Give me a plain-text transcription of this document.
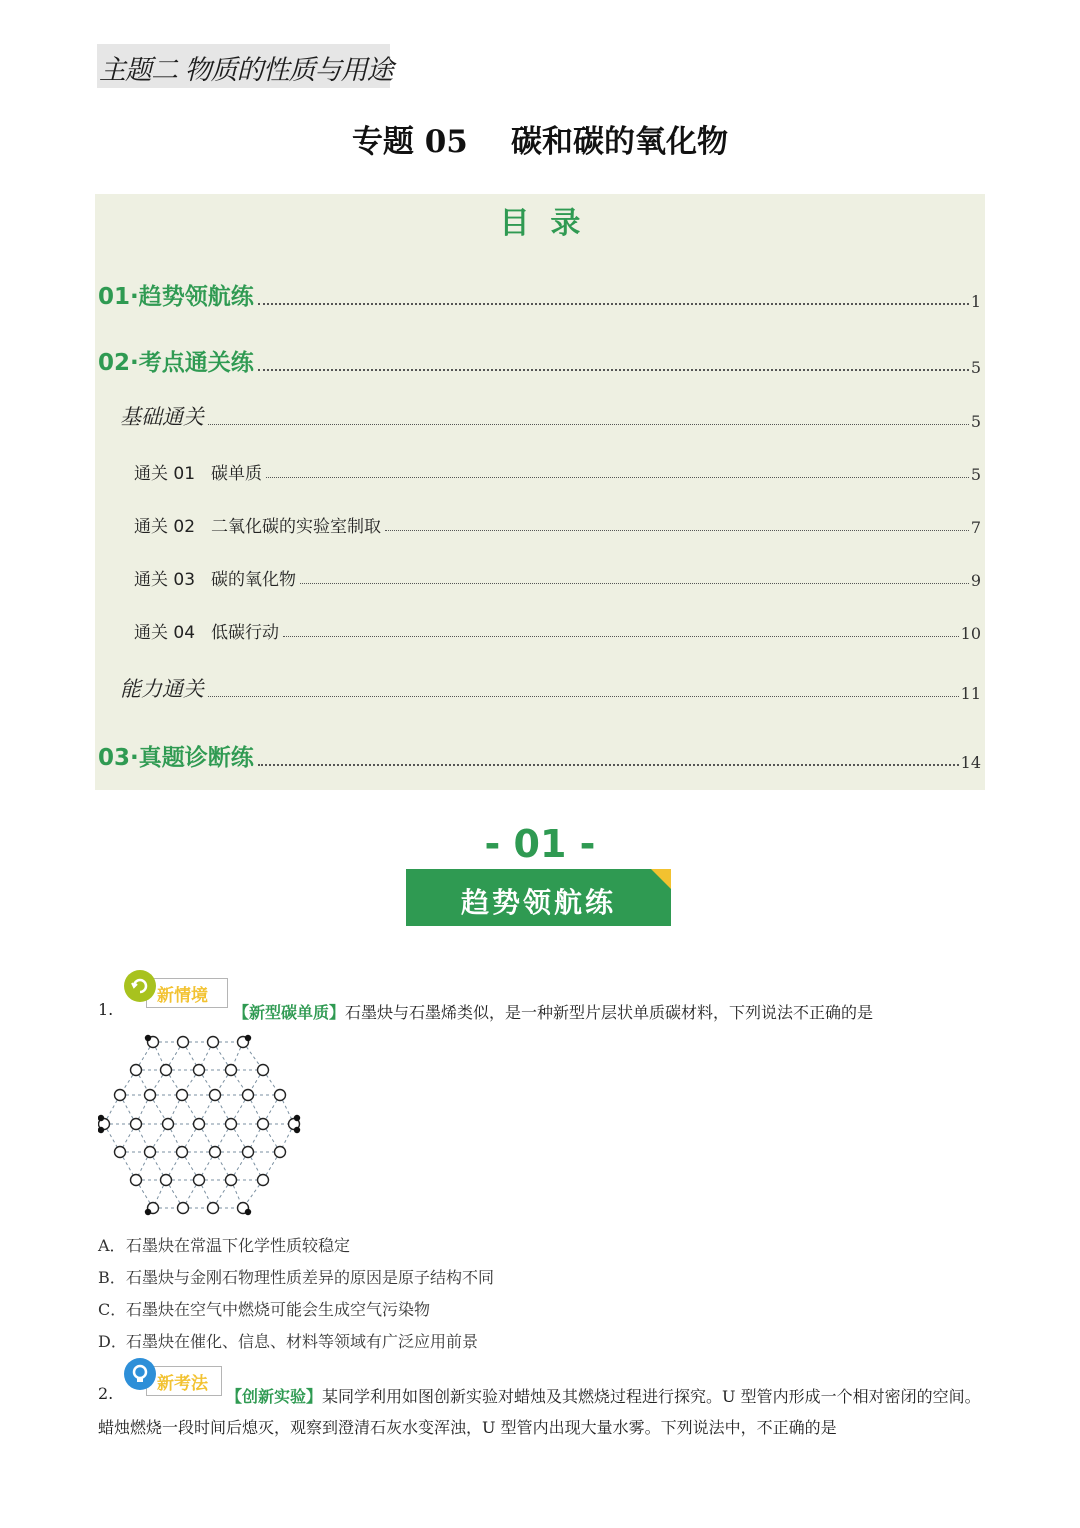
主题二 物质的性质与用途
专题 05    碳和碳的氧化物
目  录
01·趋势领航练	1
02·考点通关练	5
基础通关	5
通关 01 碳单质	5
通关 02 二氧化碳的实验室制取	7
通关 03 碳的氧化物	9
通关 04 低碳行动	10
能力通关	11
03·真题诊断练	14
- 01 -
趋势领航练
1.
新情境
【新型碳单质】石墨炔与石墨烯类似，是一种新型片层状单质碳材料，下列说法不正确的是
A．石墨炔在常温下化学性质较稳定
B．石墨炔与金刚石物理性质差异的原因是原子结构不同
C．石墨炔在空气中燃烧可能会生成空气污染物
D．石墨炔在催化、信息、材料等领域有广泛应用前景
2.	新考法
【创新实验】某同学利用如图创新实验对蜡烛及其燃烧过程进行探究。U 型管内形成一个相对密闭的空间。
蜡烛燃烧一段时间后熄灭，观察到澄清石灰水变浑浊，U 型管内出现大量水雾。下列说法中，不正确的是
